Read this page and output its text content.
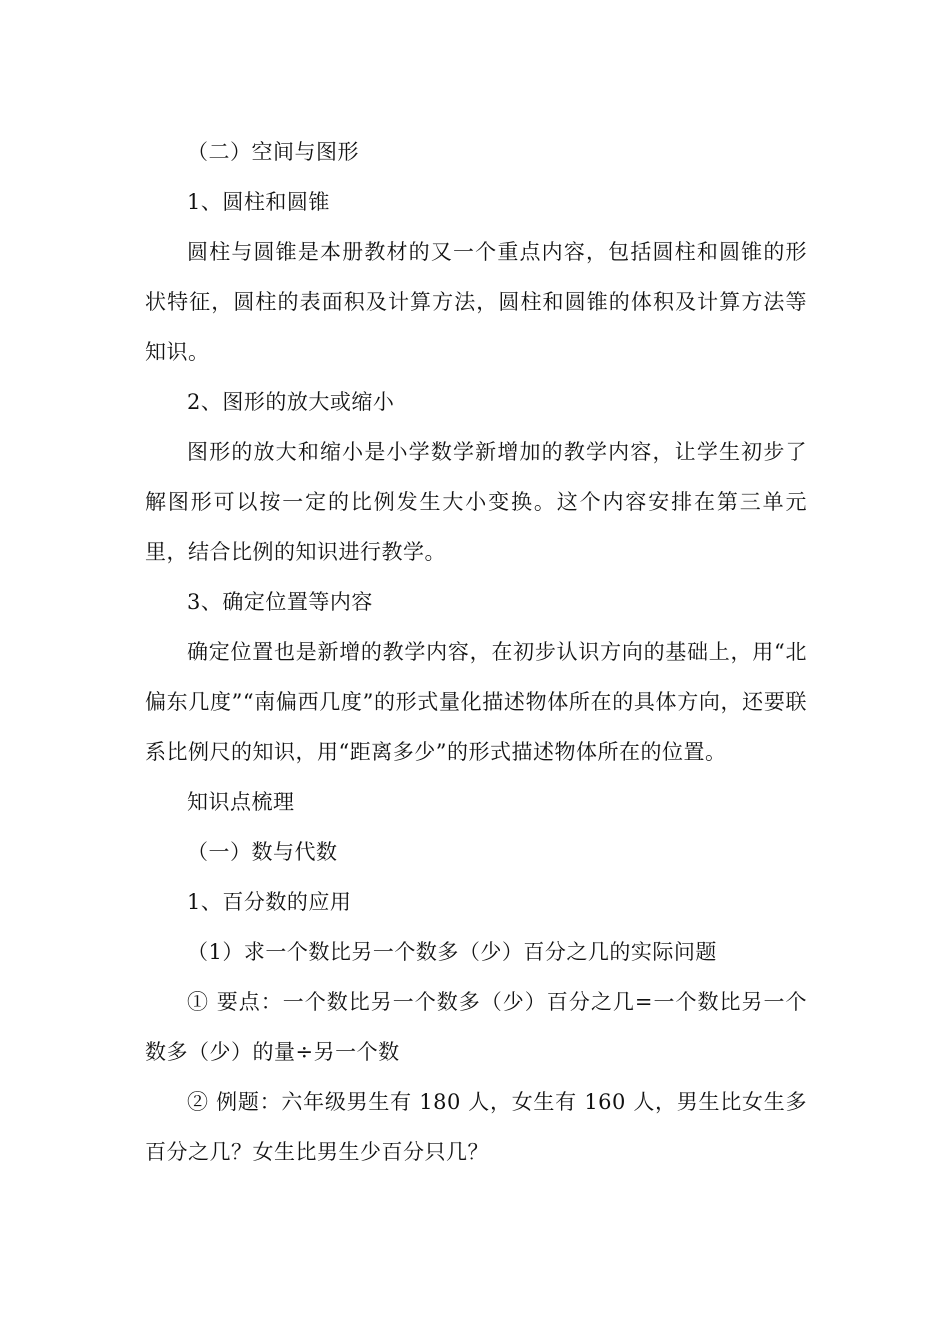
（二）空间与图形

1、圆柱和圆锥

圆柱与圆锥是本册教材的又一个重点内容，包括圆柱和圆锥的形状特征，圆柱的表面积及计算方法，圆柱和圆锥的体积及计算方法等知识。

2、图形的放大或缩小

图形的放大和缩小是小学数学新增加的教学内容，让学生初步了解图形可以按一定的比例发生大小变换。这个内容安排在第三单元里，结合比例的知识进行教学。

3、确定位置等内容

确定位置也是新增的教学内容，在初步认识方向的基础上，用“北偏东几度”“南偏西几度”的形式量化描述物体所在的具体方向，还要联系比例尺的知识，用“距离多少”的形式描述物体所在的位置。

知识点梳理

（一）数与代数

1、百分数的应用

（1）求一个数比另一个数多（少）百分之几的实际问题

① 要点：一个数比另一个数多（少）百分之几=一个数比另一个数多（少）的量÷另一个数

② 例题：六年级男生有 180 人，女生有 160 人，男生比女生多百分之几？女生比男生少百分只几？
